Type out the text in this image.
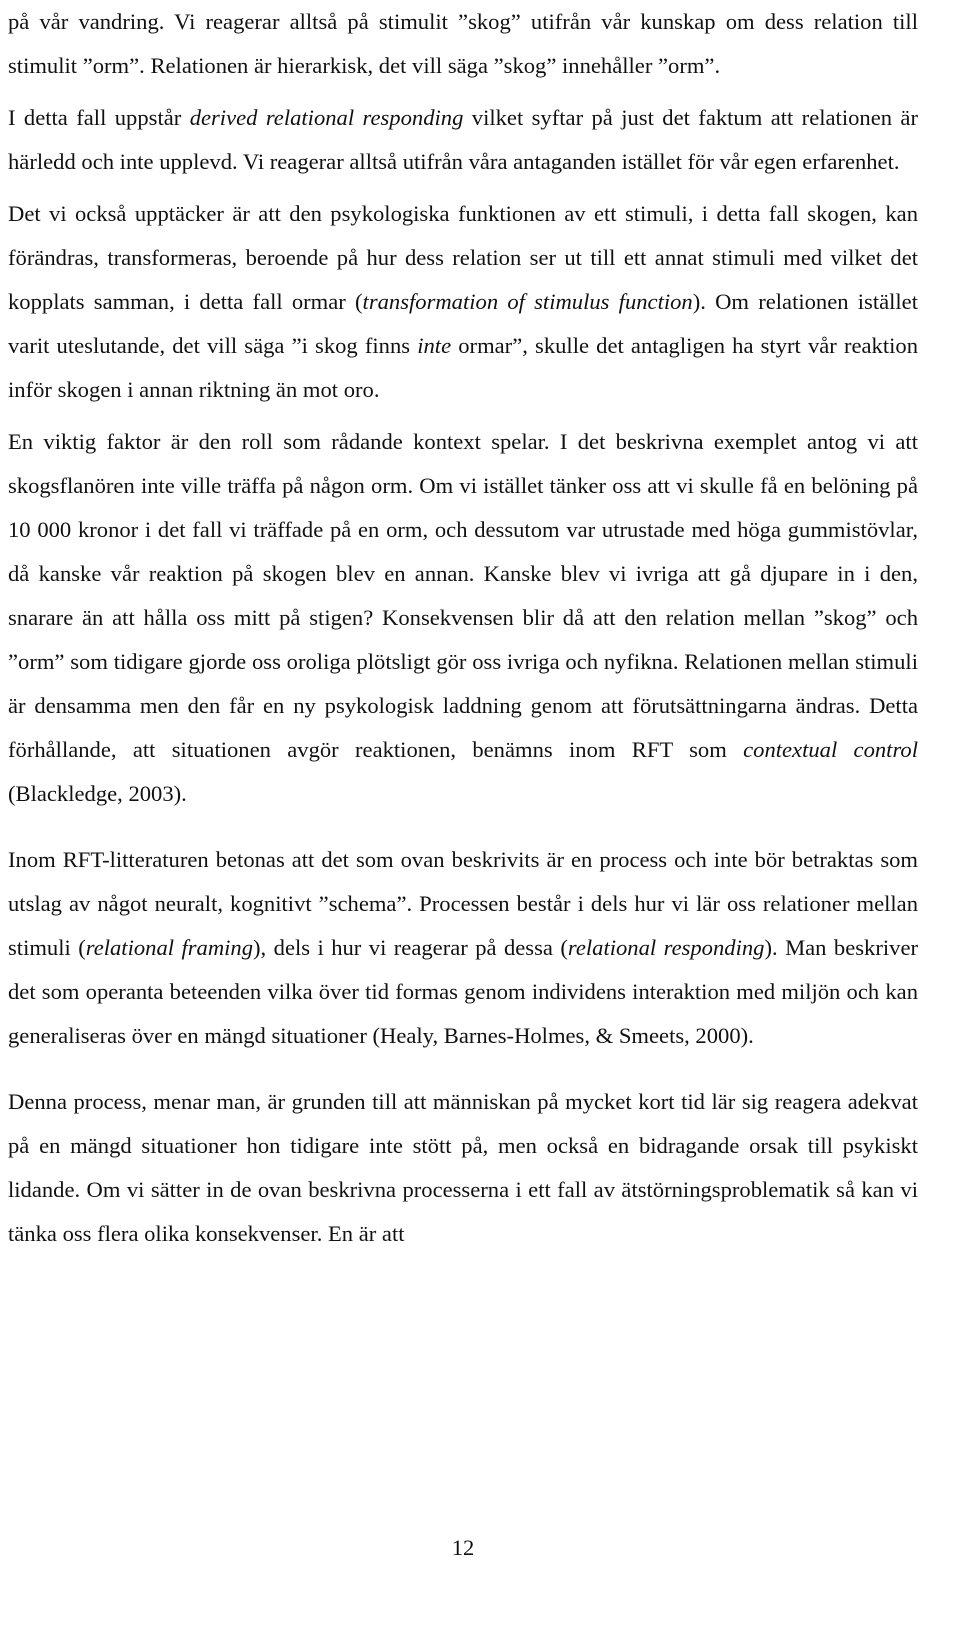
på vår vandring. Vi reagerar alltså på stimulit ”skog” utifrån vår kunskap om dess relation till stimulit ”orm”. Relationen är hierarkisk, det vill säga ”skog” innehåller ”orm”.

I detta fall uppstår derived relational responding vilket syftar på just det faktum att relationen är härledd och inte upplevd. Vi reagerar alltså utifrån våra antaganden istället för vår egen erfarenhet.

Det vi också upptäcker är att den psykologiska funktionen av ett stimuli, i detta fall skogen, kan förändras, transformeras, beroende på hur dess relation ser ut till ett annat stimuli med vilket det kopplats samman, i detta fall ormar (transformation of stimulus function). Om relationen istället varit uteslutande, det vill säga ”i skog finns inte ormar”, skulle det antagligen ha styrt vår reaktion inför skogen i annan riktning än mot oro.

En viktig faktor är den roll som rådande kontext spelar. I det beskrivna exemplet antog vi att skogsflanören inte ville träffa på någon orm. Om vi istället tänker oss att vi skulle få en belöning på 10 000 kronor i det fall vi träffade på en orm, och dessutom var utrustade med höga gummistövlar, då kanske vår reaktion på skogen blev en annan. Kanske blev vi ivriga att gå djupare in i den, snarare än att hålla oss mitt på stigen? Konsekvensen blir då att den relation mellan ”skog” och ”orm” som tidigare gjorde oss oroliga plötsligt gör oss ivriga och nyfikna. Relationen mellan stimuli är densamma men den får en ny psykologisk laddning genom att förutsättningarna ändras. Detta förhållande, att situationen avgör reaktionen, benämns inom RFT som contextual control (Blackledge, 2003).

Inom RFT-litteraturen betonas att det som ovan beskrivits är en process och inte bör betraktas som utslag av något neuralt, kognitivt ”schema”. Processen består i dels hur vi lär oss relationer mellan stimuli (relational framing), dels i hur vi reagerar på dessa (relational responding). Man beskriver det som operanta beteenden vilka över tid formas genom individens interaktion med miljön och kan generaliseras över en mängd situationer (Healy, Barnes-Holmes, & Smeets, 2000).

Denna process, menar man, är grunden till att människan på mycket kort tid lär sig reagera adekvat på en mängd situationer hon tidigare inte stött på, men också en bidragande orsak till psykiskt lidande. Om vi sätter in de ovan beskrivna processerna i ett fall av ätstörningsproblematik så kan vi tänka oss flera olika konsekvenser. En är att

12
